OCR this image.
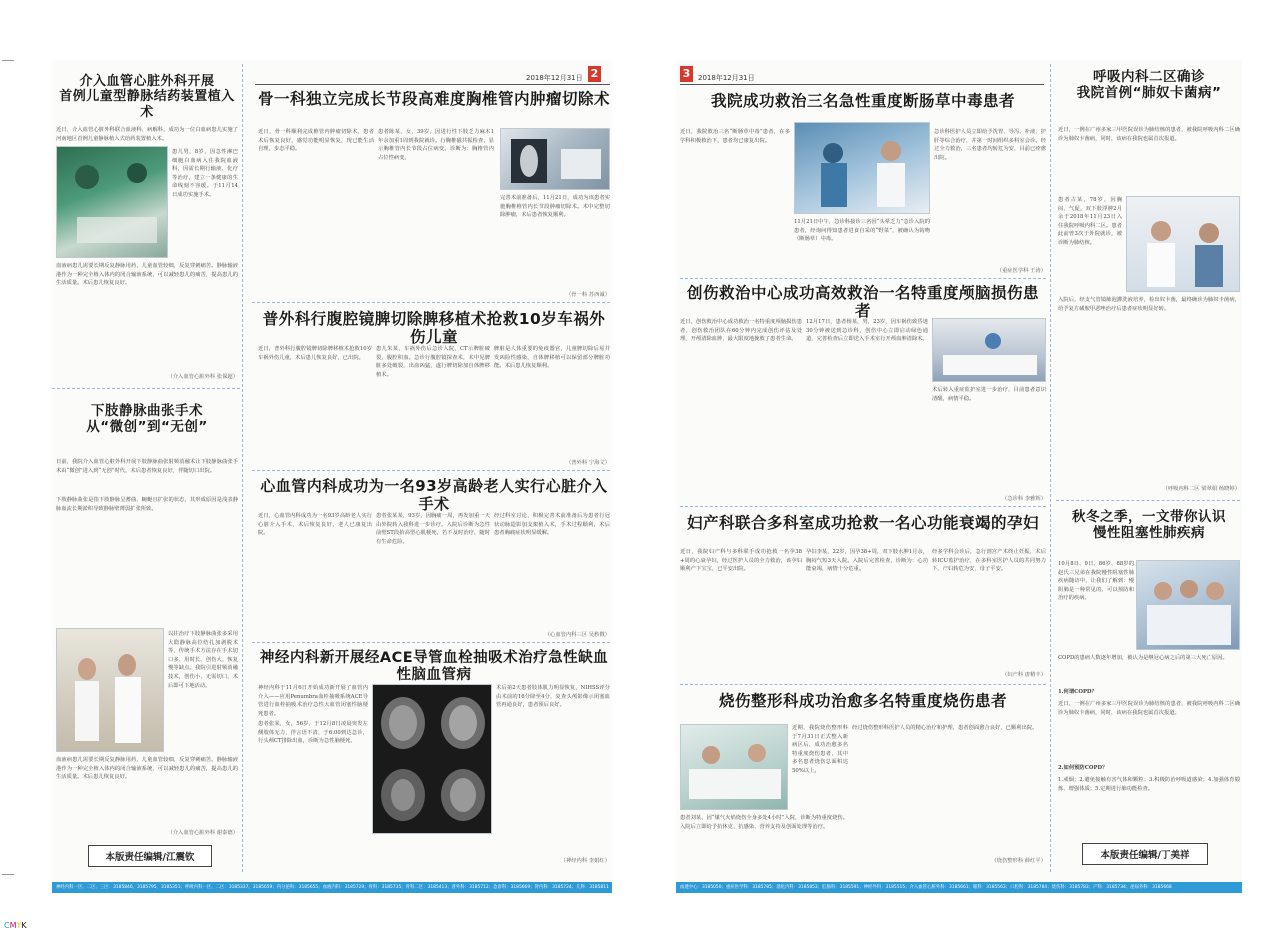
2018年12月31日 2
介入血管心脏外科开展
首例儿童型静脉结药装置植入术
近日，介入血管心脏外科联合血液科、病解科，成功为一位白血病患儿实施了河南地区首例儿童静脉植入式给药装置植入术。
患儿男，8岁，因急性淋巴细胞白血病入住我院血液科，因需长期行输液、化疗等治疗，建立一条健康的生命线刻不容缓。于11月14日成功实施手术。
血液病患儿需要长期反复静脉用药，儿童血管较细，反复穿刺痛苦。静脉输液港作为一种完全植入体内的闭合输液系统，可以减轻患儿的痛苦，提高患儿的生活质量。术后患儿恢复良好。
（介入血管心脏外科 张保超）
下肢静脉曲张手术
从“微创”到“无创”
日前，我院介入血管心脏外科开展下肢静脉曲张射频消融术让下肢静脉曲张手术由“微创”进入到“无创”时代，术后患者恢复良好，伴随切口出院。
下肢静脉曲张是指下肢静脉呈蓄曲、蜿蜒且扩张的状态，其形成原因是浅表静脉血流长期淤积导致静脉壁薄弱扩张所致。
以往治疗下肢静脉曲张多采用大隐静脉高位结扎加剥脱术等，传统手术方法存在手术切口多、用时长、创伤大、恢复慢等缺点。我院引进射频消融技术，创伤小、无需切口，术后即可下地活动。
血液病患儿需要长期反复静脉用药，儿童血管较细，反复穿刺痛苦。静脉输液港作为一种完全植入体内的闭合输液系统，可以减轻患儿的痛苦，提高患儿的生活质量。术后患儿恢复良好。
（介入血管心脏外科 谢泰德）
本版责任编辑/江震钦
骨一科独立完成长节段高难度胸椎管内肿瘤切除术
近日，骨一科顺利完成椎管内肿瘤切除术，患者术后恢复良好，感觉功能明显恢复，现已能生活自理，步态平稳。
患者陈某，女，39岁，因进行性下肢乏力麻木1年余加重1周到我院就诊。行胸椎磁共振检查，显示胸椎管内长节段占位病变。诊断为：胸椎管内占位性病变。
完善术前准备后，11月21日，成功为该患者实施胸椎椎管内长节段肿瘤切除术。术中完整切除肿瘤，术后患者恢复顺利。
（骨一科 苏西诚）
普外科行腹腔镜脾切除脾移植术抢救10岁车祸外伤儿童
近日，普外科行腹腔镜脾切除脾移植术抢救10岁车祸外伤儿童，术后患儿恢复良好，已出院。
患儿朱某，车祸外伤后急诊入院，CT示脾脏破裂，腹腔积血。急诊行腹腔镜探查术，术中见脾脏多处破裂，出血凶猛，遂行脾切除加自体脾移植术。
脾脏是人体重要的免疫器官，儿童脾切除后易并发凶险性感染，自体脾移植可以保留部分脾脏功能。术后患儿恢复顺利。
（普外科 宁海文）
心血管内科成功为一名93岁高龄老人实行心脏介入手术
近日，心血管内科成功为一名93岁高龄老人实行心脏介入手术，术后恢复良好，老人已康复出院。
患者张某某，93岁，因胸痛一周，再发加重一天由外院转入我科进一步诊疗。入院后诊断为急性前壁ST段抬高型心肌梗死，若不及时治疗，随时有生命危险。
经过科室讨论，积极完善术前准备后为患者行冠状动脉造影加支架植入术，手术过程顺利，术后患者胸痛症状明显缓解。
（心血管内科三区 吴秒戡）
神经内科新开展经ACE导管血栓抽吸术治疗急性缺血性脑血管病
神经内科于11月6日开始成功新开展了血管内介入——应用Penumbra血栓抽吸系统ACE导管进行血栓抽吸术治疗急性大血管闭塞性脑梗死患者。
患者张某，女，56岁，于12月8日凌晨突发左侧肢体无力，伴言语不清，于6:00到达急诊，行头颅CT排除出血，诊断为急性脑梗死。
术后第2天患者肢体肌力明显恢复，NIHSS评分由术前的16分降至4分，复查头颅影像示闭塞血管再通良好，患者预后良好。
（神经内科 李娟红）
神经内科一区、二区、三区：3185846、3185795、3185351；呼吸内科一区、二区：3185337、3185659；内分泌科：3185655；血液内科：3185729；骨科：3185735；骨科二区：3185413；普外科：3185712；急诊科：3185669；肾内科：3185724；儿科：3185811
3	2018年12月31日
我院成功救治三名急性重度断肠草中毒患者
近日，我院救治三名“断肠草中毒”患者，在多学科积极救治下，患者均已康复出院。
11月21日中午，急诊科接诊三名因“头晕乏力”急诊入院的患者，经询问得知患者进食自采的“野菜”，被确认为钩吻（断肠草）中毒。
急诊科医护人员立即给予洗胃、导泻、补液、护肝等综合治疗，并第一时间组织多科室会诊。经过全力救治，三名患者均转危为安，目前已痊愈出院。
（重症医学科 王涛）
创伤救治中心成功高效救治一名特重度颅脑损伤患者
近日，创伤救治中心成功救治一名特重度颅脑损伤患者，创伤救治团队在60分钟内完成创伤评估及处理，开颅清除血肿，最大限度地挽救了患者生命。
12月17日，患者杨某，男，23岁，因车祸伤致昏迷30分钟被送到急诊科，创伤中心立即启动绿色通道，完善检查后立即送入手术室行开颅血肿清除术。
术后转入重症监护室进一步治疗，目前患者意识清醒，病情平稳。
（急诊科 李雅辉）
妇产科联合多科室成功抢救一名心功能衰竭的孕妇
近日，我院妇产科与多科联手成功抢救一名孕38+周的心衰孕妇，经过医护人员的全力救治，该孕妇顺利产下宝宝，已平安出院。
孕妇李某，22岁，因孕38+周，双下肢水肿1月余，胸闷气短3天入院。入院后完善检查，诊断为：心功能衰竭，病情十分危重。
经多学科会诊后，急行剖宫产术终止妊娠，术后转ICU监护治疗，在多科室医护人员的共同努力下，产妇转危为安，母子平安。
（妇产科 唐精丰）
烧伤整形科成功治愈多名特重度烧伤患者
近期，我院烧伤整形科于7月31日正式整入新病区后，成功治愈多名特重度烧伤患者，其中多名患者烧伤总面积达50%以上。
患者刘某，因“煤气火焰烧伤全身多处4小时”入院，诊断为特重度烧伤。入院后立即给予抗休克、抗感染、营养支持及创面处理等治疗。
经过烧伤整形科医护人员的精心治疗和护理，患者创面愈合良好，已顺利出院。
（烧伤整形科 薛红平）
呼吸内科二区确诊
我院首例“肺奴卡菌病”
近日，一例在广州多家三甲医院误诊为肺结核的患者，被我院呼吸内科二区确诊为肺奴卡菌病，同时，该病在我院也属首次报道。
患者古某，78岁，因胸闷、气促，双下肢浮肿2月余于2018年11月23日入住我院呼吸内科二区。患者此前曾3次于外院就诊，被诊断为肺结核。
入院后，经支气管镜肺泡灌洗液培养，检出奴卡菌，最终确诊为肺奴卡菌病，给予复方磺胺甲恶唑治疗后患者症状明显好转。
（呼吸内科二区 梁翠娟 杨晓婷）
秋冬之季，一文带你认识
慢性阻塞性肺疾病
10月8日、9日、86岁、88岁的赵氏三兄弟在我院慢性阻塞性肺疾病随访中，让我们了解到：慢阻肺是一种常见的、可以预防和治疗的疾病。
COPD的患病人数逐年增加，被认为是继冠心病之后的第三大死亡原因。
1.何谓COPD？
近日，一例在广州多家三甲医院误诊为肺结核的患者，被我院呼吸内科二区确诊为肺奴卡菌病，同时，该病在我院也属首次报道。
2.如何预防COPD？
1.戒烟；2.避免接触有害气体和颗粒；3.积极防治呼吸道感染；4.加强体育锻炼，增强体质；5.定期进行肺功能检查。
本版责任编辑/丁美祥
血透中心：3185050；重症医学科：3185785；消化内科：3185853；肛肠科：3185591；神经外科：3185515；介入血管心脏外科：3185661；眼科：3185563；口腔科：3185784；烧伤科：3185783；产科：3185734；泌尿外科：3185668
CMYK
